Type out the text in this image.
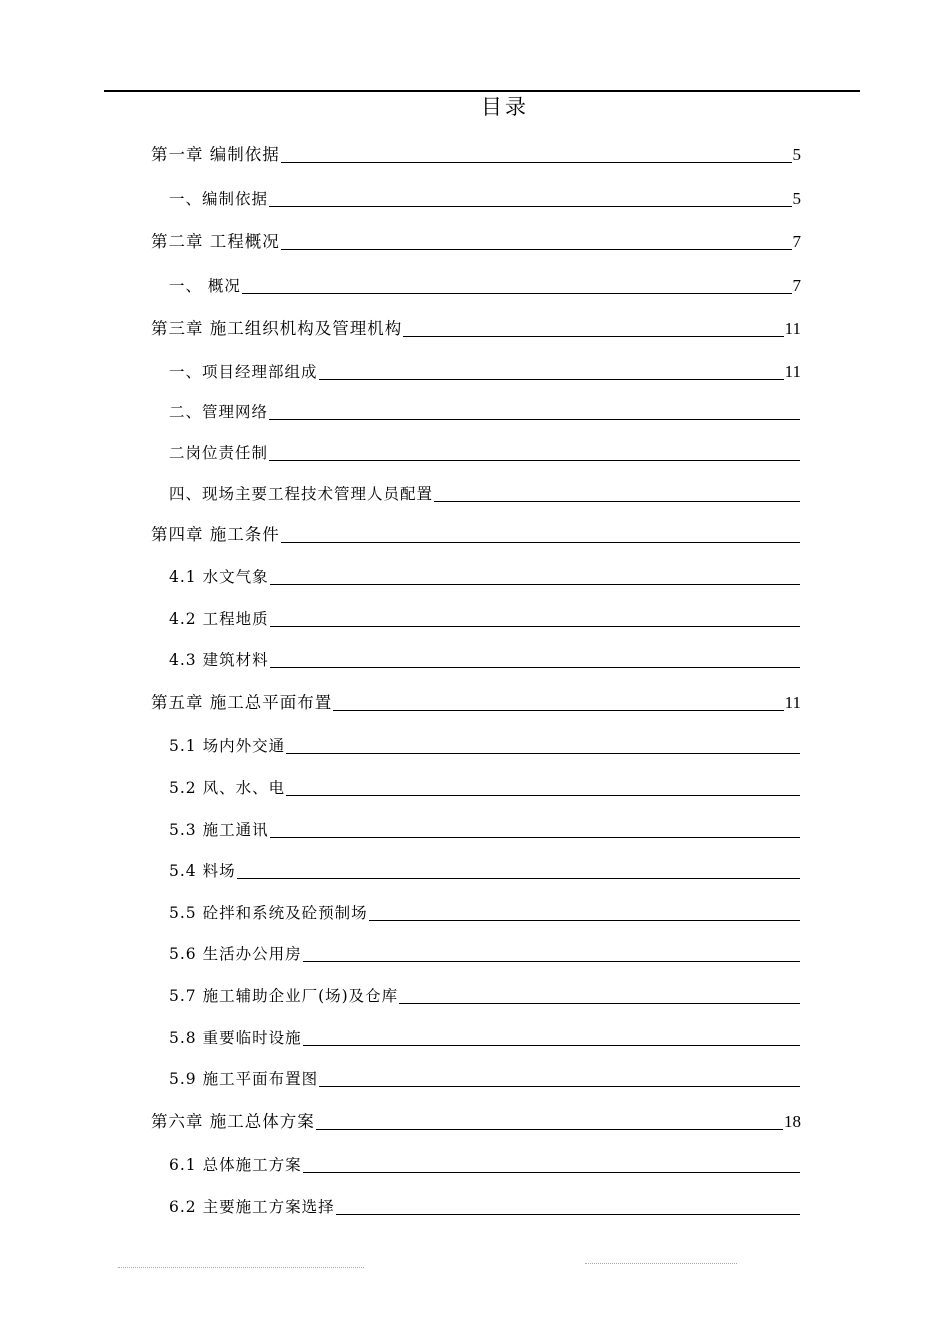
目录
第一章 编制依据	5
一、编制依据	5
第二章 工程概况	7
一、 概况	7
第三章 施工组织机构及管理机构	11
一、项目经理部组成	11
二、管理网络
二岗位责任制
四、现场主要工程技术管理人员配置
第四章 施工条件
4.1 水文气象
4.2 工程地质
4.3 建筑材料
第五章 施工总平面布置	11
5.1 场内外交通
5.2 风、水、电
5.3 施工通讯
5.4 料场
5.5 砼拌和系统及砼预制场
5.6 生活办公用房
5.7 施工辅助企业厂(场)及仓库
5.8 重要临时设施
5.9 施工平面布置图
第六章 施工总体方案	18
6.1 总体施工方案
6.2 主要施工方案选择
